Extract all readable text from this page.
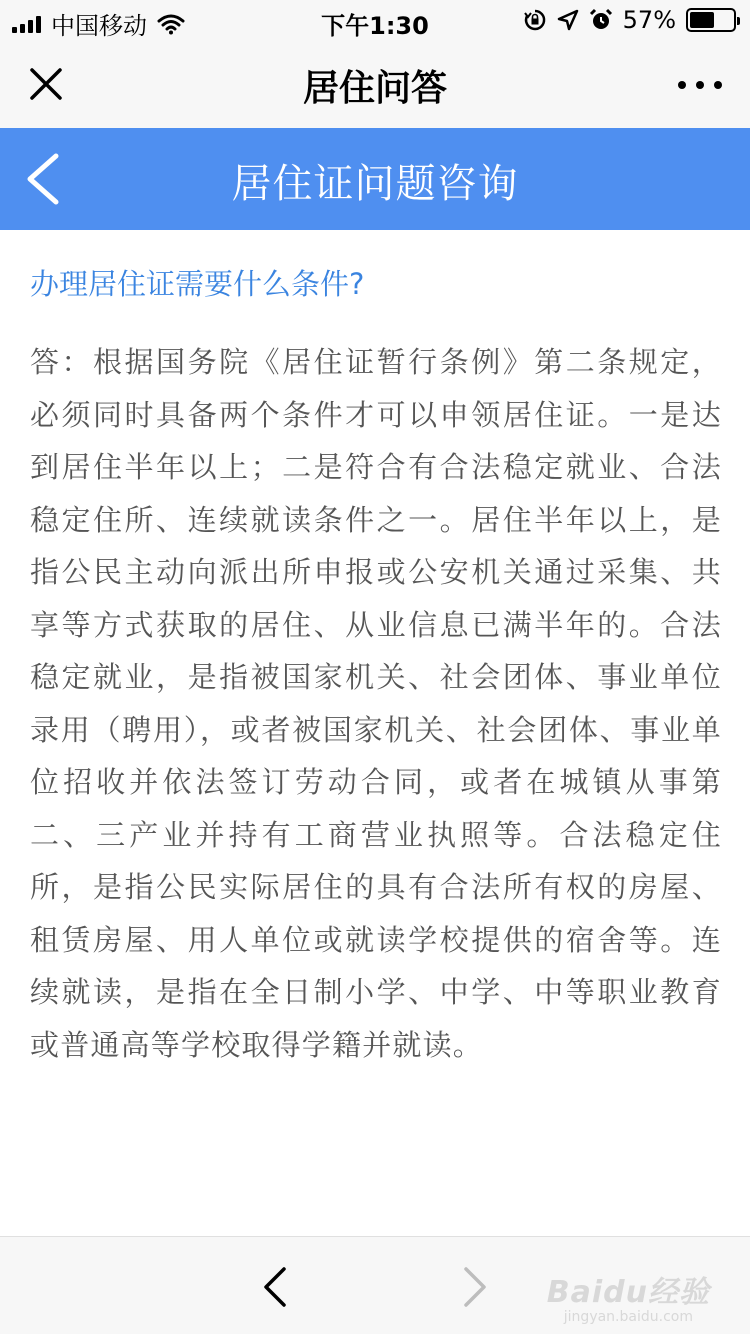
中国移动	下午1:30	57%
居住问答
居住证问题咨询

办理居住证需要什么条件?

答：根据国务院《居住证暂行条例》第二条规定，必须同时具备两个条件才可以申领居住证。一是达到居住半年以上；二是符合有合法稳定就业、合法稳定住所、连续就读条件之一。居住半年以上，是指公民主动向派出所申报或公安机关通过采集、共享等方式获取的居住、从业信息已满半年的。合法稳定就业，是指被国家机关、社会团体、事业单位录用（聘用），或者被国家机关、社会团体、事业单位招收并依法签订劳动合同，或者在城镇从事第二、三产业并持有工商营业执照等。合法稳定住所，是指公民实际居住的具有合法所有权的房屋、租赁房屋、用人单位或就读学校提供的宿舍等。连续就读，是指在全日制小学、中学、中等职业教育或普通高等学校取得学籍并就读。

Baidu经验
jingyan.baidu.com
